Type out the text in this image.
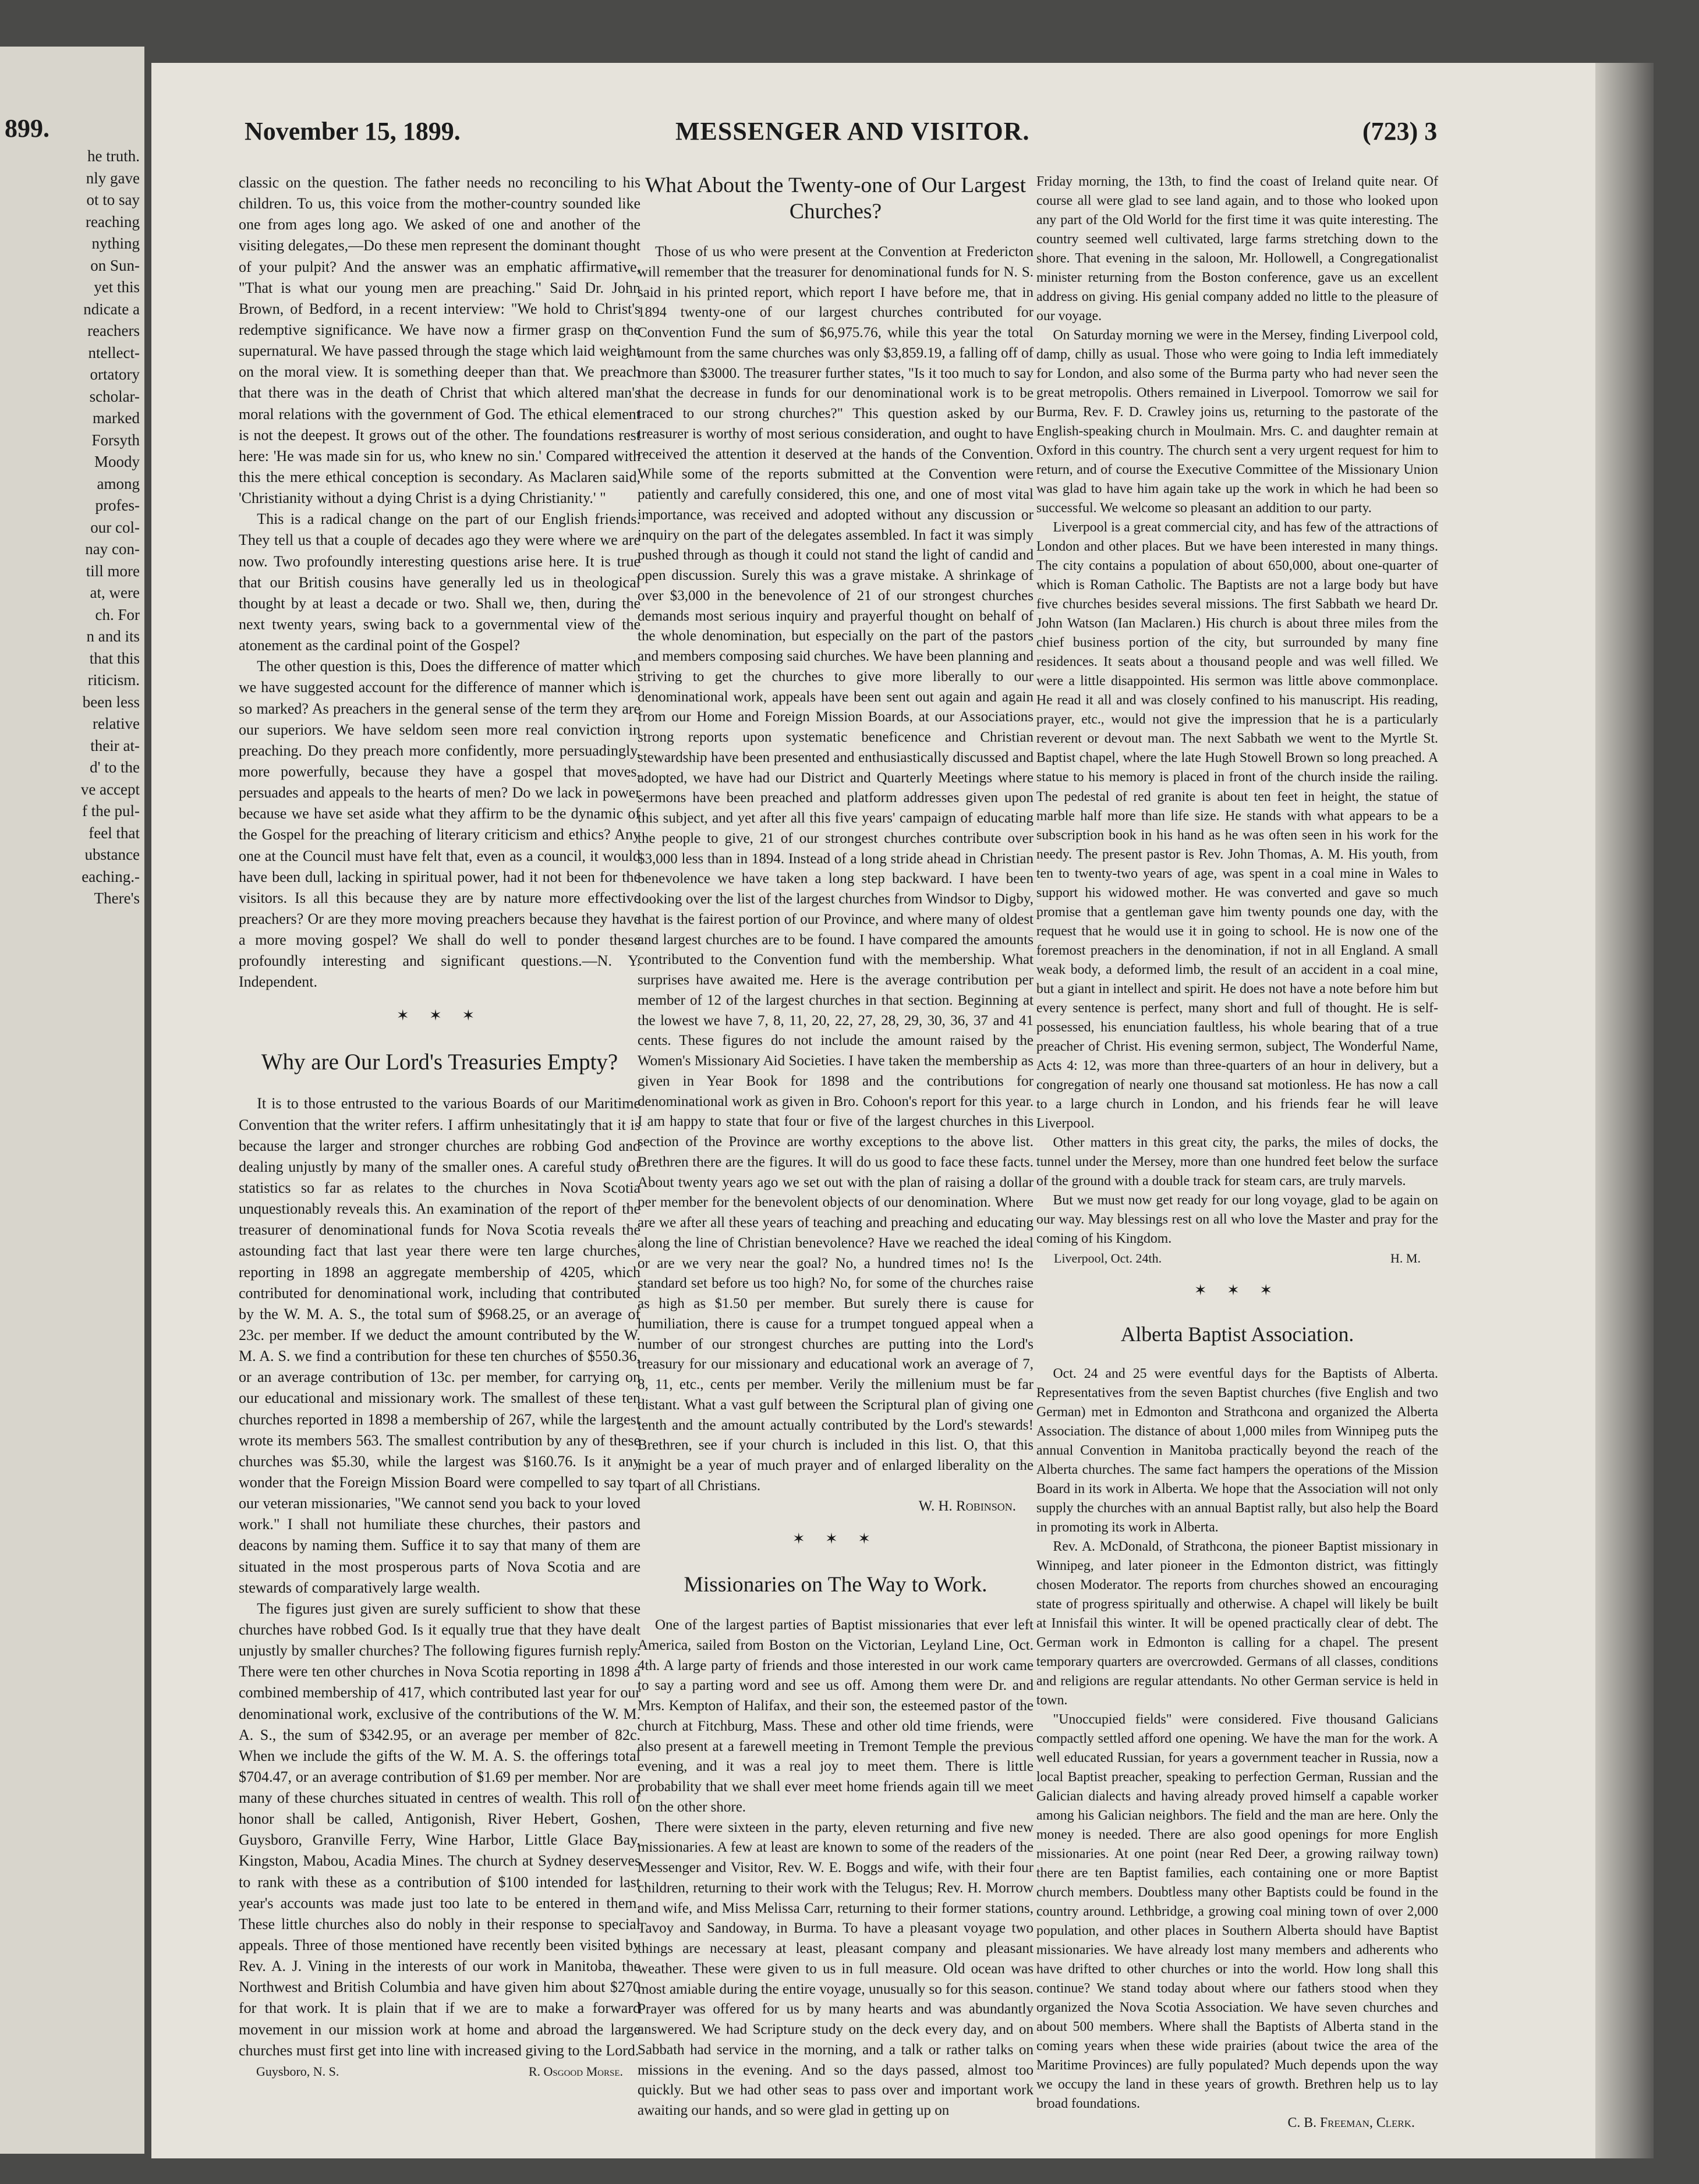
899.
he truth.
nly gave
ot to say
reaching
nything
on Sun-
yet this
ndicate a
reachers
ntellect-
ortatory
scholar-
marked
Forsyth
Moody
among
profes-
our col-
nay con-
till more
at, were
ch. For
n and its
that this
riticism.
been less
relative
their at-
d' to the
ve accept
f the pul-
feel that
ubstance
eaching.-
There's
November 15, 1899.	MESSENGER AND VISITOR.	(723) 3

classic on the question. The father needs no reconciling to his children. To us, this voice from the mother-country sounded like one from ages long ago. We asked of one and another of the visiting delegates,—Do these men represent the dominant thought of your pulpit? And the answer was an emphatic affirmative, "That is what our young men are preaching." Said Dr. John Brown, of Bedford, in a recent interview: "We hold to Christ's redemptive significance. We have now a firmer grasp on the supernatural. We have passed through the stage which laid weight on the moral view. It is something deeper than that. We preach that there was in the death of Christ that which altered man's moral relations with the government of God. The ethical element is not the deepest. It grows out of the other. The foundations rest here: 'He was made sin for us, who knew no sin.' Compared with this the mere ethical conception is secondary. As Maclaren said, 'Christianity without a dying Christ is a dying Christianity.' "

This is a radical change on the part of our English friends. They tell us that a couple of decades ago they were where we are now. Two profoundly interesting questions arise here. It is true that our British cousins have generally led us in theological thought by at least a decade or two. Shall we, then, during the next twenty years, swing back to a governmental view of the atonement as the cardinal point of the Gospel?

The other question is this, Does the difference of matter which we have suggested account for the difference of manner which is so marked? As preachers in the general sense of the term they are our superiors. We have seldom seen more real conviction in preaching. Do they preach more confidently, more persuadingly, more powerfully, because they have a gospel that moves, persuades and appeals to the hearts of men? Do we lack in power because we have set aside what they affirm to be the dynamic of the Gospel for the preaching of literary criticism and ethics? Any one at the Council must have felt that, even as a council, it would have been dull, lacking in spiritual power, had it not been for the visitors. Is all this because they are by nature more effective preachers? Or are they more moving preachers because they have a more moving gospel? We shall do well to ponder these profoundly interesting and significant questions.—N. Y. Independent.

✶ ✶ ✶
Why are Our Lord's Treasuries Empty?

It is to those entrusted to the various Boards of our Maritime Convention that the writer refers. I affirm unhesitatingly that it is because the larger and stronger churches are robbing God and dealing unjustly by many of the smaller ones. A careful study of statistics so far as relates to the churches in Nova Scotia unquestionably reveals this. An examination of the report of the treasurer of denominational funds for Nova Scotia reveals the astounding fact that last year there were ten large churches, reporting in 1898 an aggregate membership of 4205, which contributed for denominational work, including that contributed by the W. M. A. S., the total sum of $968.25, or an average of 23c. per member. If we deduct the amount contributed by the W. M. A. S. we find a contribution for these ten churches of $550.36, or an average contribution of 13c. per member, for carrying on our educational and missionary work. The smallest of these ten churches reported in 1898 a membership of 267, while the largest wrote its members 563. The smallest contribution by any of these churches was $5.30, while the largest was $160.76. Is it any wonder that the Foreign Mission Board were compelled to say to our veteran missionaries, "We cannot send you back to your loved work." I shall not humiliate these churches, their pastors and deacons by naming them. Suffice it to say that many of them are situated in the most prosperous parts of Nova Scotia and are stewards of comparatively large wealth.

The figures just given are surely sufficient to show that these churches have robbed God. Is it equally true that they have dealt unjustly by smaller churches? The following figures furnish reply. There were ten other churches in Nova Scotia reporting in 1898 a combined membership of 417, which contributed last year for our denominational work, exclusive of the contributions of the W. M. A. S., the sum of $342.95, or an average per member of 82c. When we include the gifts of the W. M. A. S. the offerings total $704.47, or an average contribution of $1.69 per member. Nor are many of these churches situated in centres of wealth. This roll of honor shall be called, Antigonish, River Hebert, Goshen, Guysboro, Granville Ferry, Wine Harbor, Little Glace Bay, Kingston, Mabou, Acadia Mines. The church at Sydney deserves to rank with these as a contribution of $100 intended for last year's accounts was made just too late to be entered in them. These little churches also do nobly in their response to special appeals. Three of those mentioned have recently been visited by Rev. A. J. Vining in the interests of our work in Manitoba, the Northwest and British Columbia and have given him about $270 for that work. It is plain that if we are to make a forward movement in our mission work at home and abroad the large churches must first get into line with increased giving to the Lord.

Guysboro, N. S.	R. Osgood Morse.
What About the Twenty-one of Our Largest Churches?

Those of us who were present at the Convention at Fredericton will remember that the treasurer for denominational funds for N. S. said in his printed report, which report I have before me, that in 1894 twenty-one of our largest churches contributed for Convention Fund the sum of $6,975.76, while this year the total amount from the same churches was only $3,859.19, a falling off of more than $3000. The treasurer further states, "Is it too much to say that the decrease in funds for our denominational work is to be traced to our strong churches?" This question asked by our treasurer is worthy of most serious consideration, and ought to have received the attention it deserved at the hands of the Convention. While some of the reports submitted at the Convention were patiently and carefully considered, this one, and one of most vital importance, was received and adopted without any discussion or inquiry on the part of the delegates assembled. In fact it was simply pushed through as though it could not stand the light of candid and open discussion. Surely this was a grave mistake. A shrinkage of over $3,000 in the benevolence of 21 of our strongest churches demands most serious inquiry and prayerful thought on behalf of the whole denomination, but especially on the part of the pastors and members composing said churches. We have been planning and striving to get the churches to give more liberally to our denominational work, appeals have been sent out again and again from our Home and Foreign Mission Boards, at our Associations strong reports upon systematic beneficence and Christian stewardship have been presented and enthusiastically discussed and adopted, we have had our District and Quarterly Meetings where sermons have been preached and platform addresses given upon this subject, and yet after all this five years' campaign of educating the people to give, 21 of our strongest churches contribute over $3,000 less than in 1894. Instead of a long stride ahead in Christian benevolence we have taken a long step backward. I have been looking over the list of the largest churches from Windsor to Digby, that is the fairest portion of our Province, and where many of oldest and largest churches are to be found. I have compared the amounts contributed to the Convention fund with the membership. What surprises have awaited me. Here is the average contribution per member of 12 of the largest churches in that section. Beginning at the lowest we have 7, 8, 11, 20, 22, 27, 28, 29, 30, 36, 37 and 41 cents. These figures do not include the amount raised by the Women's Missionary Aid Societies. I have taken the membership as given in Year Book for 1898 and the contributions for denominational work as given in Bro. Cohoon's report for this year. I am happy to state that four or five of the largest churches in this section of the Province are worthy exceptions to the above list. Brethren there are the figures. It will do us good to face these facts. About twenty years ago we set out with the plan of raising a dollar per member for the benevolent objects of our denomination. Where are we after all these years of teaching and preaching and educating along the line of Christian benevolence? Have we reached the ideal or are we very near the goal? No, a hundred times no! Is the standard set before us too high? No, for some of the churches raise as high as $1.50 per member. But surely there is cause for humiliation, there is cause for a trumpet tongued appeal when a number of our strongest churches are putting into the Lord's treasury for our missionary and educational work an average of 7, 8, 11, etc., cents per member. Verily the millenium must be far distant. What a vast gulf between the Scriptural plan of giving one tenth and the amount actually contributed by the Lord's stewards! Brethren, see if your church is included in this list. O, that this might be a year of much prayer and of enlarged liberality on the part of all Christians.

W. H. Robinson.
✶ ✶ ✶
Missionaries on The Way to Work.

One of the largest parties of Baptist missionaries that ever left America, sailed from Boston on the Victorian, Leyland Line, Oct. 4th. A large party of friends and those interested in our work came to say a parting word and see us off. Among them were Dr. and Mrs. Kempton of Halifax, and their son, the esteemed pastor of the church at Fitchburg, Mass. These and other old time friends, were also present at a farewell meeting in Tremont Temple the previous evening, and it was a real joy to meet them. There is little probability that we shall ever meet home friends again till we meet on the other shore.

There were sixteen in the party, eleven returning and five new missionaries. A few at least are known to some of the readers of the Messenger and Visitor, Rev. W. E. Boggs and wife, with their four children, returning to their work with the Telugus; Rev. H. Morrow and wife, and Miss Melissa Carr, returning to their former stations, Tavoy and Sandoway, in Burma. To have a pleasant voyage two things are necessary at least, pleasant company and pleasant weather. These were given to us in full measure. Old ocean was most amiable during the entire voyage, unusually so for this season. Prayer was offered for us by many hearts and was abundantly answered. We had Scripture study on the deck every day, and on Sabbath had service in the morning, and a talk or rather talks on missions in the evening. And so the days passed, almost too quickly. But we had other seas to pass over and important work awaiting our hands, and so were glad in getting up on

Friday morning, the 13th, to find the coast of Ireland quite near. Of course all were glad to see land again, and to those who looked upon any part of the Old World for the first time it was quite interesting. The country seemed well cultivated, large farms stretching down to the shore. That evening in the saloon, Mr. Hollowell, a Congregationalist minister returning from the Boston conference, gave us an excellent address on giving. His genial company added no little to the pleasure of our voyage.

On Saturday morning we were in the Mersey, finding Liverpool cold, damp, chilly as usual. Those who were going to India left immediately for London, and also some of the Burma party who had never seen the great metropolis. Others remained in Liverpool. Tomorrow we sail for Burma, Rev. F. D. Crawley joins us, returning to the pastorate of the English-speaking church in Moulmain. Mrs. C. and daughter remain at Oxford in this country. The church sent a very urgent request for him to return, and of course the Executive Committee of the Missionary Union was glad to have him again take up the work in which he had been so successful. We welcome so pleasant an addition to our party.

Liverpool is a great commercial city, and has few of the attractions of London and other places. But we have been interested in many things. The city contains a population of about 650,000, about one-quarter of which is Roman Catholic. The Baptists are not a large body but have five churches besides several missions. The first Sabbath we heard Dr. John Watson (Ian Maclaren.) His church is about three miles from the chief business portion of the city, but surrounded by many fine residences. It seats about a thousand people and was well filled. We were a little disappointed. His sermon was little above commonplace. He read it all and was closely confined to his manuscript. His reading, prayer, etc., would not give the impression that he is a particularly reverent or devout man. The next Sabbath we went to the Myrtle St. Baptist chapel, where the late Hugh Stowell Brown so long preached. A statue to his memory is placed in front of the church inside the railing. The pedestal of red granite is about ten feet in height, the statue of marble half more than life size. He stands with what appears to be a subscription book in his hand as he was often seen in his work for the needy. The present pastor is Rev. John Thomas, A. M. His youth, from ten to twenty-two years of age, was spent in a coal mine in Wales to support his widowed mother. He was converted and gave so much promise that a gentleman gave him twenty pounds one day, with the request that he would use it in going to school. He is now one of the foremost preachers in the denomination, if not in all England. A small weak body, a deformed limb, the result of an accident in a coal mine, but a giant in intellect and spirit. He does not have a note before him but every sentence is perfect, many short and full of thought. He is self-possessed, his enunciation faultless, his whole bearing that of a true preacher of Christ. His evening sermon, subject, The Wonderful Name, Acts 4: 12, was more than three-quarters of an hour in delivery, but a congregation of nearly one thousand sat motionless. He has now a call to a large church in London, and his friends fear he will leave Liverpool.

Other matters in this great city, the parks, the miles of docks, the tunnel under the Mersey, more than one hundred feet below the surface of the ground with a double track for steam cars, are truly marvels.

But we must now get ready for our long voyage, glad to be again on our way. May blessings rest on all who love the Master and pray for the coming of his Kingdom.

Liverpool, Oct. 24th.	H. M.
✶ ✶ ✶
Alberta Baptist Association.

Oct. 24 and 25 were eventful days for the Baptists of Alberta. Representatives from the seven Baptist churches (five English and two German) met in Edmonton and Strathcona and organized the Alberta Association. The distance of about 1,000 miles from Winnipeg puts the annual Convention in Manitoba practically beyond the reach of the Alberta churches. The same fact hampers the operations of the Mission Board in its work in Alberta. We hope that the Association will not only supply the churches with an annual Baptist rally, but also help the Board in promoting its work in Alberta.

Rev. A. McDonald, of Strathcona, the pioneer Baptist missionary in Winnipeg, and later pioneer in the Edmonton district, was fittingly chosen Moderator. The reports from churches showed an encouraging state of progress spiritually and otherwise. A chapel will likely be built at Innisfail this winter. It will be opened practically clear of debt. The German work in Edmonton is calling for a chapel. The present temporary quarters are overcrowded. Germans of all classes, conditions and religions are regular attendants. No other German service is held in town.

"Unoccupied fields" were considered. Five thousand Galicians compactly settled afford one opening. We have the man for the work. A well educated Russian, for years a government teacher in Russia, now a local Baptist preacher, speaking to perfection German, Russian and the Galician dialects and having already proved himself a capable worker among his Galician neighbors. The field and the man are here. Only the money is needed. There are also good openings for more English missionaries. At one point (near Red Deer, a growing railway town) there are ten Baptist families, each containing one or more Baptist church members. Doubtless many other Baptists could be found in the country around. Lethbridge, a growing coal mining town of over 2,000 population, and other places in Southern Alberta should have Baptist missionaries. We have already lost many members and adherents who have drifted to other churches or into the world. How long shall this continue? We stand today about where our fathers stood when they organized the Nova Scotia Association. We have seven churches and about 500 members. Where shall the Baptists of Alberta stand in the coming years when these wide prairies (about twice the area of the Maritime Provinces) are fully populated? Much depends upon the way we occupy the land in these years of growth. Brethren help us to lay broad foundations.

C. B. Freeman, Clerk.
